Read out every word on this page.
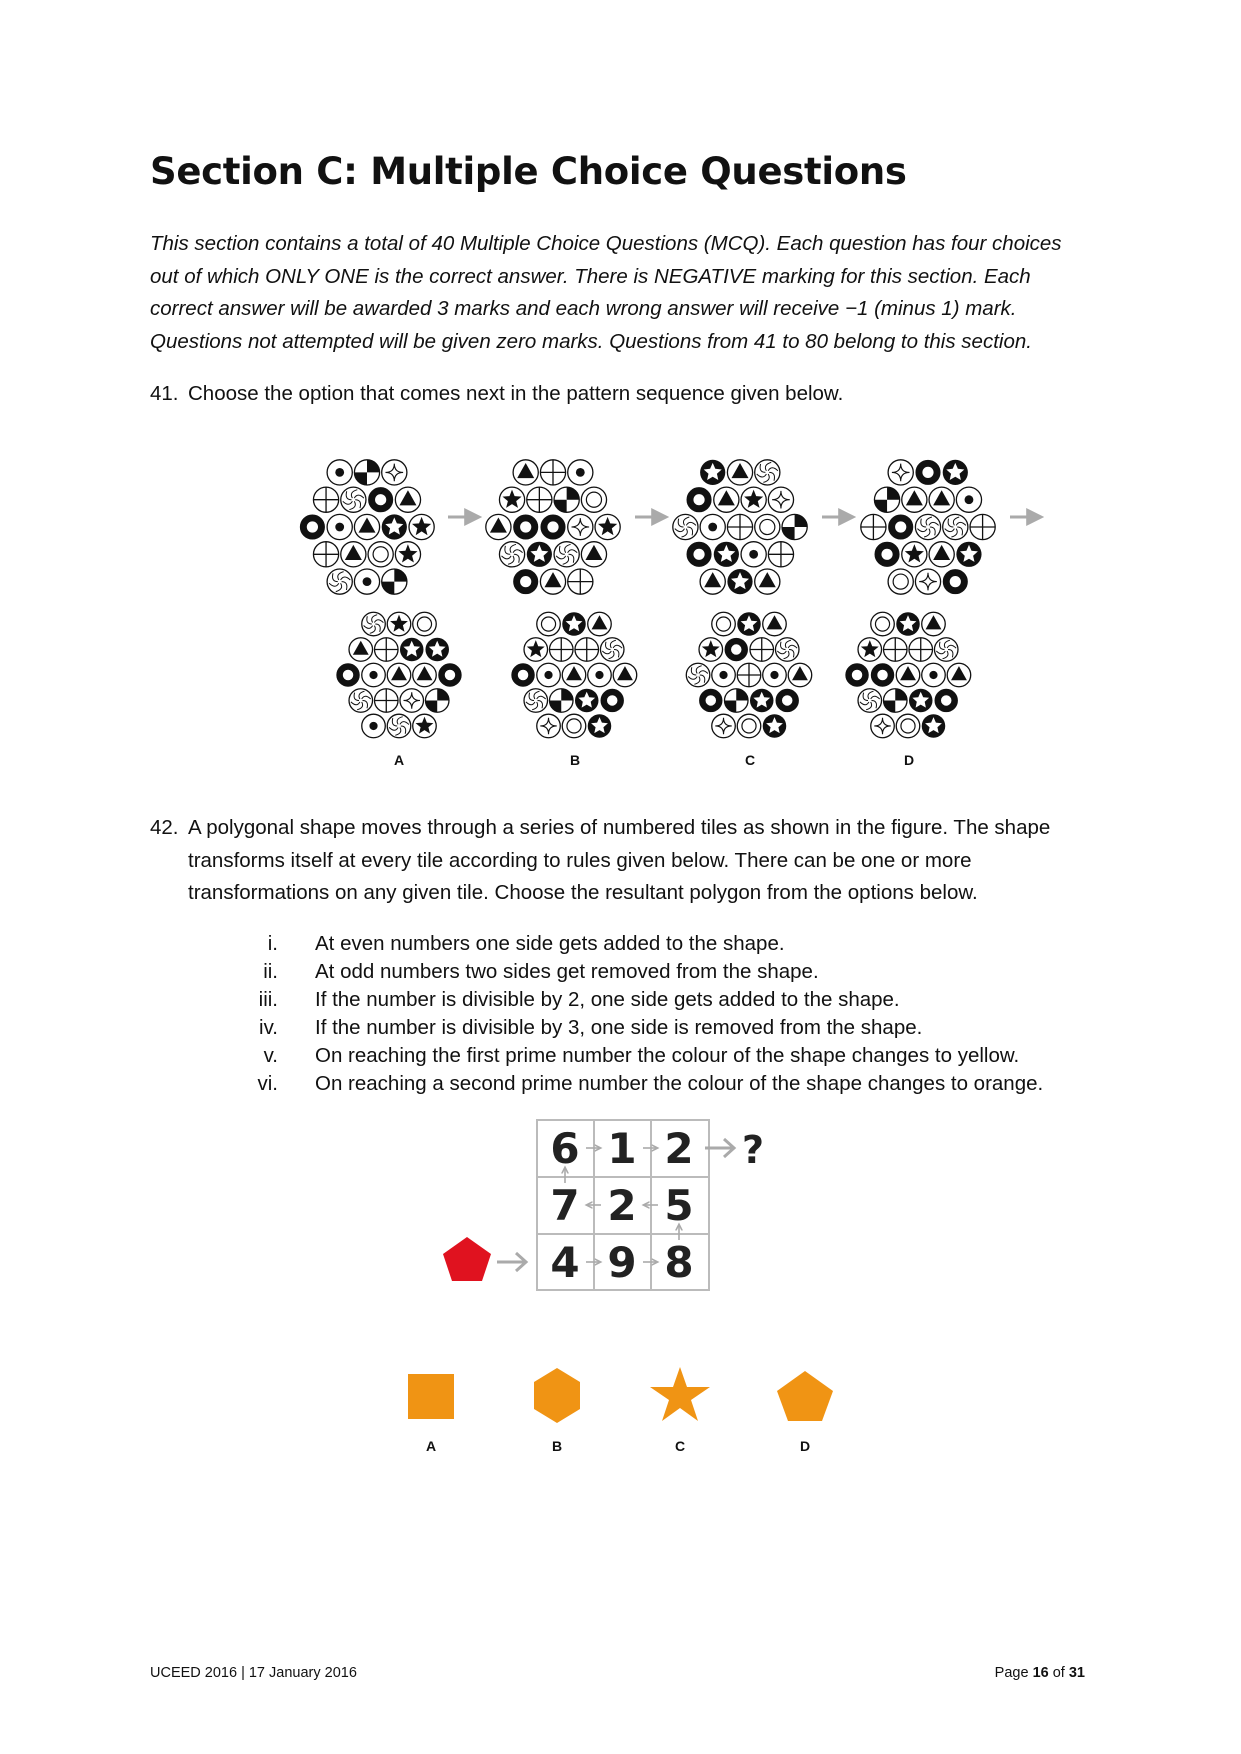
Section C: Multiple Choice Questions

This section contains a total of 40 Multiple Choice Questions (MCQ). Each question has four choices out of which ONLY ONE is the correct answer. There is NEGATIVE marking for this section. Each correct answer will be awarded 3 marks and each wrong answer will receive −1 (minus 1) mark. Questions not attempted will be given zero marks. Questions from 41 to 80 belong to this section.

41. Choose the option that comes next in the pattern sequence given below.
A	B	C	D
42. A polygonal shape moves through a series of numbered tiles as shown in the figure. The shape transforms itself at every tile according to rules given below. There can be one or more transformations on any given tile. Choose the resultant polygon from the options below.
i. At even numbers one side gets added to the shape.
ii. At odd numbers two sides get removed from the shape.
iii. If the number is divisible by 2, one side gets added to the shape.
iv. If the number is divisible by 3, one side is removed from the shape.
v. On reaching the first prime number the colour of the shape changes to yellow.
vi. On reaching a second prime number the colour of the shape changes to orange.
6 1 2
7 2 5
4 9 8
?
A	B	C	D
UCEED 2016 | 17 January 2016	Page 16 of 31
